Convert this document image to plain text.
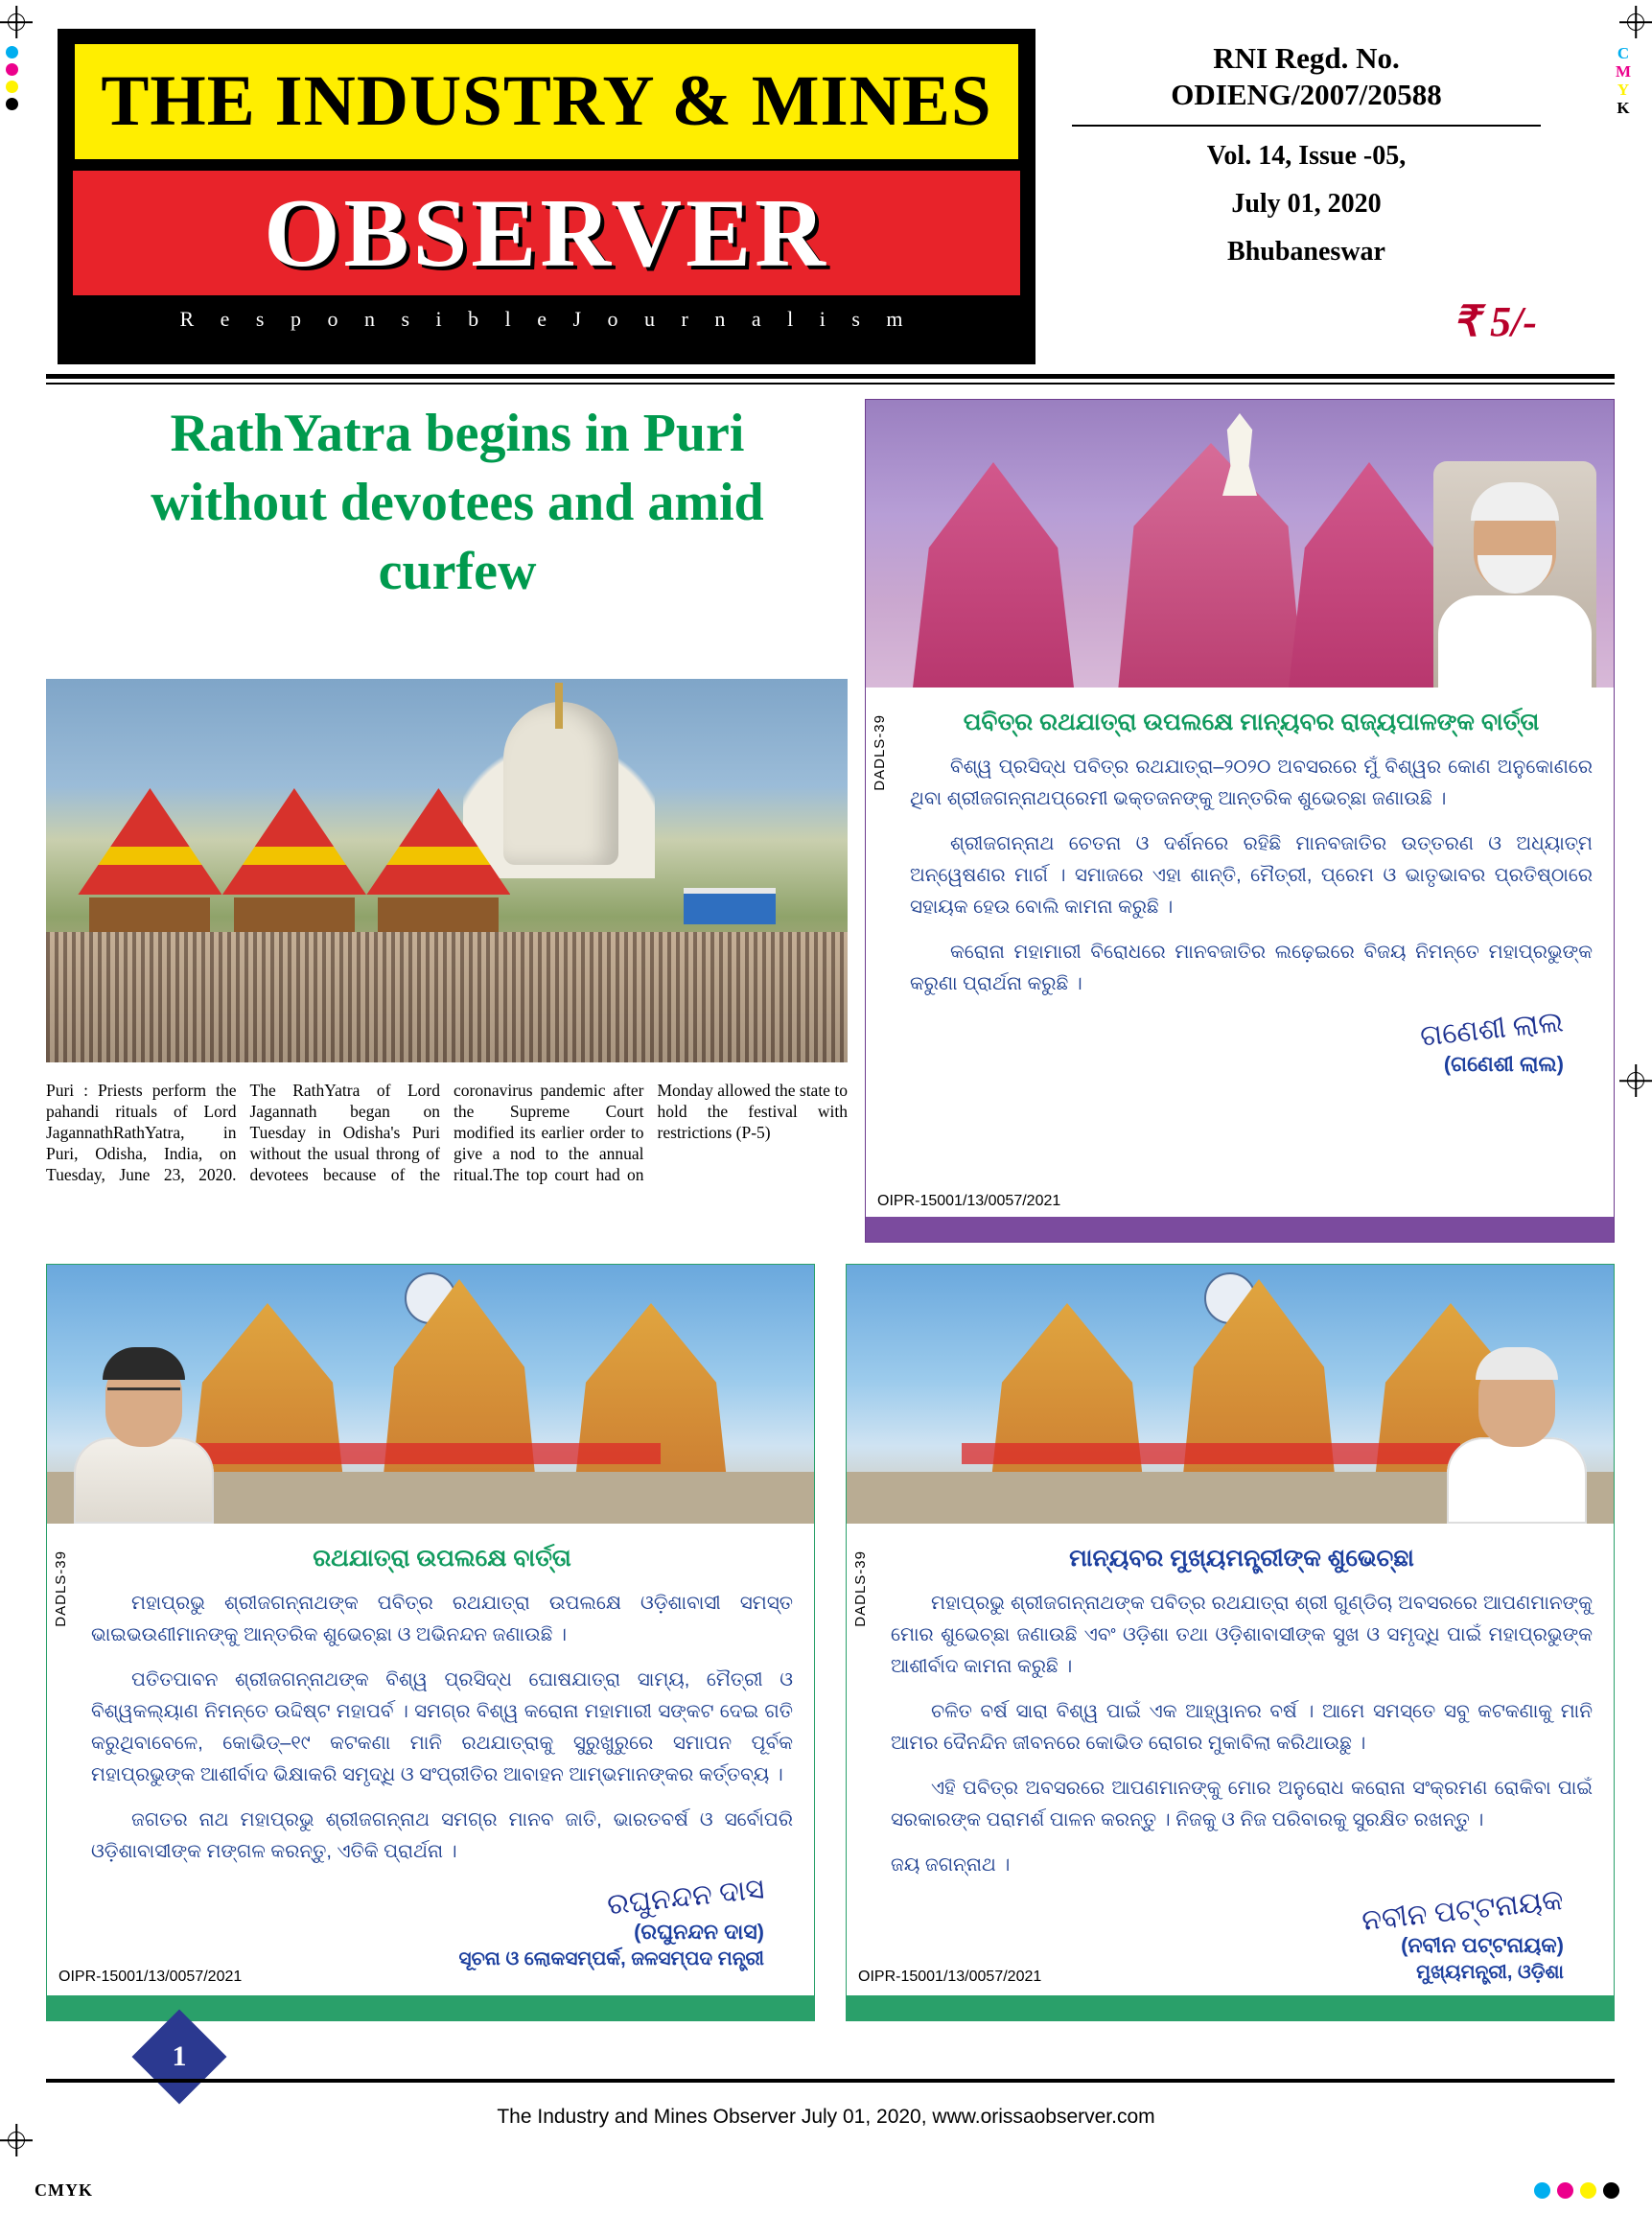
C
M
Y
K
CMYK
THE INDUSTRY & MINES
OBSERVER
R e s p o n s i b l e J o u r n a l i s m
RNI Regd. No.
ODIENG/2007/20588
Vol. 14, Issue -05,
July 01, 2020
Bhubaneswar
₹ 5/-
RathYatra begins in Puri without devotees and amid curfew
Puri : Priests perform the pahandi rituals of Lord JagannathRathYatra, in Puri, Odisha, India, on Tuesday, June 23, 2020. The RathYatra of Lord Jagannath began on Tuesday in Odisha's Puri without the usual throng of devotees because of the coronavirus pandemic after the Supreme Court modified its earlier order to give a nod to the annual ritual.The top court had on Monday allowed the state to hold the festival with restrictions (P-5)
DADLS-39	ପବିତ୍ର ରଥଯାତ୍ରା ଉପଲକ୍ଷେ ମାନ୍ୟବର ରାଜ୍ୟପାଳଙ୍କ ବାର୍ତ୍ତା

ବିଶ୍ୱ ପ୍ରସିଦ୍ଧ ପବିତ୍ର ରଥଯାତ୍ରା–୨୦୨୦ ଅବସରରେ ମୁଁ ବିଶ୍ୱର କୋଣ ଅନୁକୋଣରେ ଥିବା ଶ୍ରୀଜଗନ୍ନାଥପ୍ରେମୀ ଭକ୍ତଜନଙ୍କୁ ଆନ୍ତରିକ ଶୁଭେଚ୍ଛା ଜଣାଉଛି ।

ଶ୍ରୀଜଗନ୍ନାଥ ଚେତନା ଓ ଦର୍ଶନରେ ରହିଛି ମାନବଜାତିର ଉତ୍ତରଣ ଓ ଅଧ୍ୟାତ୍ମ ଅନ୍ୱେଷଣର ମାର୍ଗ । ସମାଜରେ ଏହା ଶାନ୍ତି, ମୈତ୍ରୀ, ପ୍ରେମ ଓ ଭାତୃଭାବର ପ୍ରତିଷ୍ଠାରେ ସହାୟକ ହେଉ ବୋଲି କାମନା କରୁଛି ।

କରୋନା ମହାମାରୀ ବିରୋଧରେ ମାନବଜାତିର ଲଢ଼େଇରେ ବିଜୟ ନିମନ୍ତେ ମହାପ୍ରଭୁଙ୍କ କରୁଣା ପ୍ରାର୍ଥନା କରୁଛି ।

ଗଣେଶୀ ଲାଲ
(ଗଣେଶୀ ଲାଲ)
OIPR-15001/13/0057/2021
DADLS-39	ରଥଯାତ୍ରା ଉପଲକ୍ଷେ ବାର୍ତ୍ତା

ମହାପ୍ରଭୁ ଶ୍ରୀଜଗନ୍ନାଥଙ୍କ ପବିତ୍ର ରଥଯାତ୍ରା ଉପଲକ୍ଷେ ଓଡ଼ିଶାବାସୀ ସମସ୍ତ ଭାଇଭଉଣୀମାନଙ୍କୁ ଆନ୍ତରିକ ଶୁଭେଚ୍ଛା ଓ ଅଭିନନ୍ଦନ ଜଣାଉଛି ।

ପତିତପାବନ ଶ୍ରୀଜଗନ୍ନାଥଙ୍କ ବିଶ୍ୱ ପ୍ରସିଦ୍ଧ ଘୋଷଯାତ୍ରା ସାମ୍ୟ, ମୈତ୍ରୀ ଓ ବିଶ୍ୱକଲ୍ୟାଣ ନିମନ୍ତେ ଉଦ୍ଦିଷ୍ଟ ମହାପର୍ବ । ସମଗ୍ର ବିଶ୍ୱ କରୋନା ମହାମାରୀ ସଙ୍କଟ ଦେଇ ଗତି କରୁଥିବାବେଳେ, କୋଭିଡ୍–୧୯ କଟକଣା ମାନି ରଥଯାତ୍ରାକୁ ସୁରୁଖୁରୁରେ ସମାପନ ପୂର୍ବକ ମହାପ୍ରଭୁଙ୍କ ଆଶୀର୍ବାଦ ଭିକ୍ଷାକରି ସମୃଦ୍ଧି ଓ ସଂପ୍ରୀତିର ଆବାହନ ଆମ୍ଭମାନଙ୍କର କର୍ତ୍ତବ୍ୟ ।

ଜଗତର ନାଥ ମହାପ୍ରଭୁ ଶ୍ରୀଜଗନ୍ନାଥ ସମଗ୍ର ମାନବ ଜାତି, ଭାରତବର୍ଷ ଓ ସର୍ବୋପରି ଓଡ଼ିଶାବାସୀଙ୍କ ମଙ୍ଗଳ କରନ୍ତୁ, ଏତିକି ପ୍ରାର୍ଥନା ।

ରଘୁନନ୍ଦନ ଦାସ
(ରଘୁନନ୍ଦନ ଦାସ)
ସୂଚନା ଓ ଲୋକସମ୍ପର୍କ, ଜଳସମ୍ପଦ ମନ୍ତ୍ରୀ
OIPR-15001/13/0057/2021
DADLS-39	ମାନ୍ୟବର ମୁଖ୍ୟମନ୍ତ୍ରୀଙ୍କ ଶୁଭେଚ୍ଛା

ମହାପ୍ରଭୁ ଶ୍ରୀଜଗନ୍ନାଥଙ୍କ ପବିତ୍ର ରଥଯାତ୍ରା ଶ୍ରୀ ଗୁଣ୍ଡିଚା ଅବସରରେ ଆପଣମାନଙ୍କୁ ମୋର ଶୁଭେଚ୍ଛା ଜଣାଉଛି ଏବଂ ଓଡ଼ିଶା ତଥା ଓଡ଼ିଶାବାସୀଙ୍କ ସୁଖ ଓ ସମୃଦ୍ଧି ପାଇଁ ମହାପ୍ରଭୁଙ୍କ ଆଶୀର୍ବାଦ କାମନା କରୁଛି ।

ଚଳିତ ବର୍ଷ ସାରା ବିଶ୍ୱ ପାଇଁ ଏକ ଆହ୍ୱାନର ବର୍ଷ । ଆମେ ସମସ୍ତେ ସବୁ କଟକଣାକୁ ମାନି ଆମର ଦୈନନ୍ଦିନ ଜୀବନରେ କୋଭିଡ ରୋଗର ମୁକାବିଲା କରିଥାଉଛୁ ।

ଏହି ପବିତ୍ର ଅବସରରେ ଆପଣମାନଙ୍କୁ ମୋର ଅନୁରୋଧ କରୋନା ସଂକ୍ରମଣ ରୋକିବା ପାଇଁ ସରକାରଙ୍କ ପରାମର୍ଶ ପାଳନ କରନ୍ତୁ । ନିଜକୁ ଓ ନିଜ ପରିବାରକୁ ସୁରକ୍ଷିତ ରଖନ୍ତୁ ।

ଜୟ ଜଗନ୍ନାଥ ।

ନବୀନ ପଟ୍ଟନାୟକ
(ନବୀନ ପଟ୍ଟନାୟକ)
ମୁଖ୍ୟମନ୍ତ୍ରୀ, ଓଡ଼ିଶା
OIPR-15001/13/0057/2021
1
The Industry and Mines Observer July 01, 2020, www.orissaobserver.com
